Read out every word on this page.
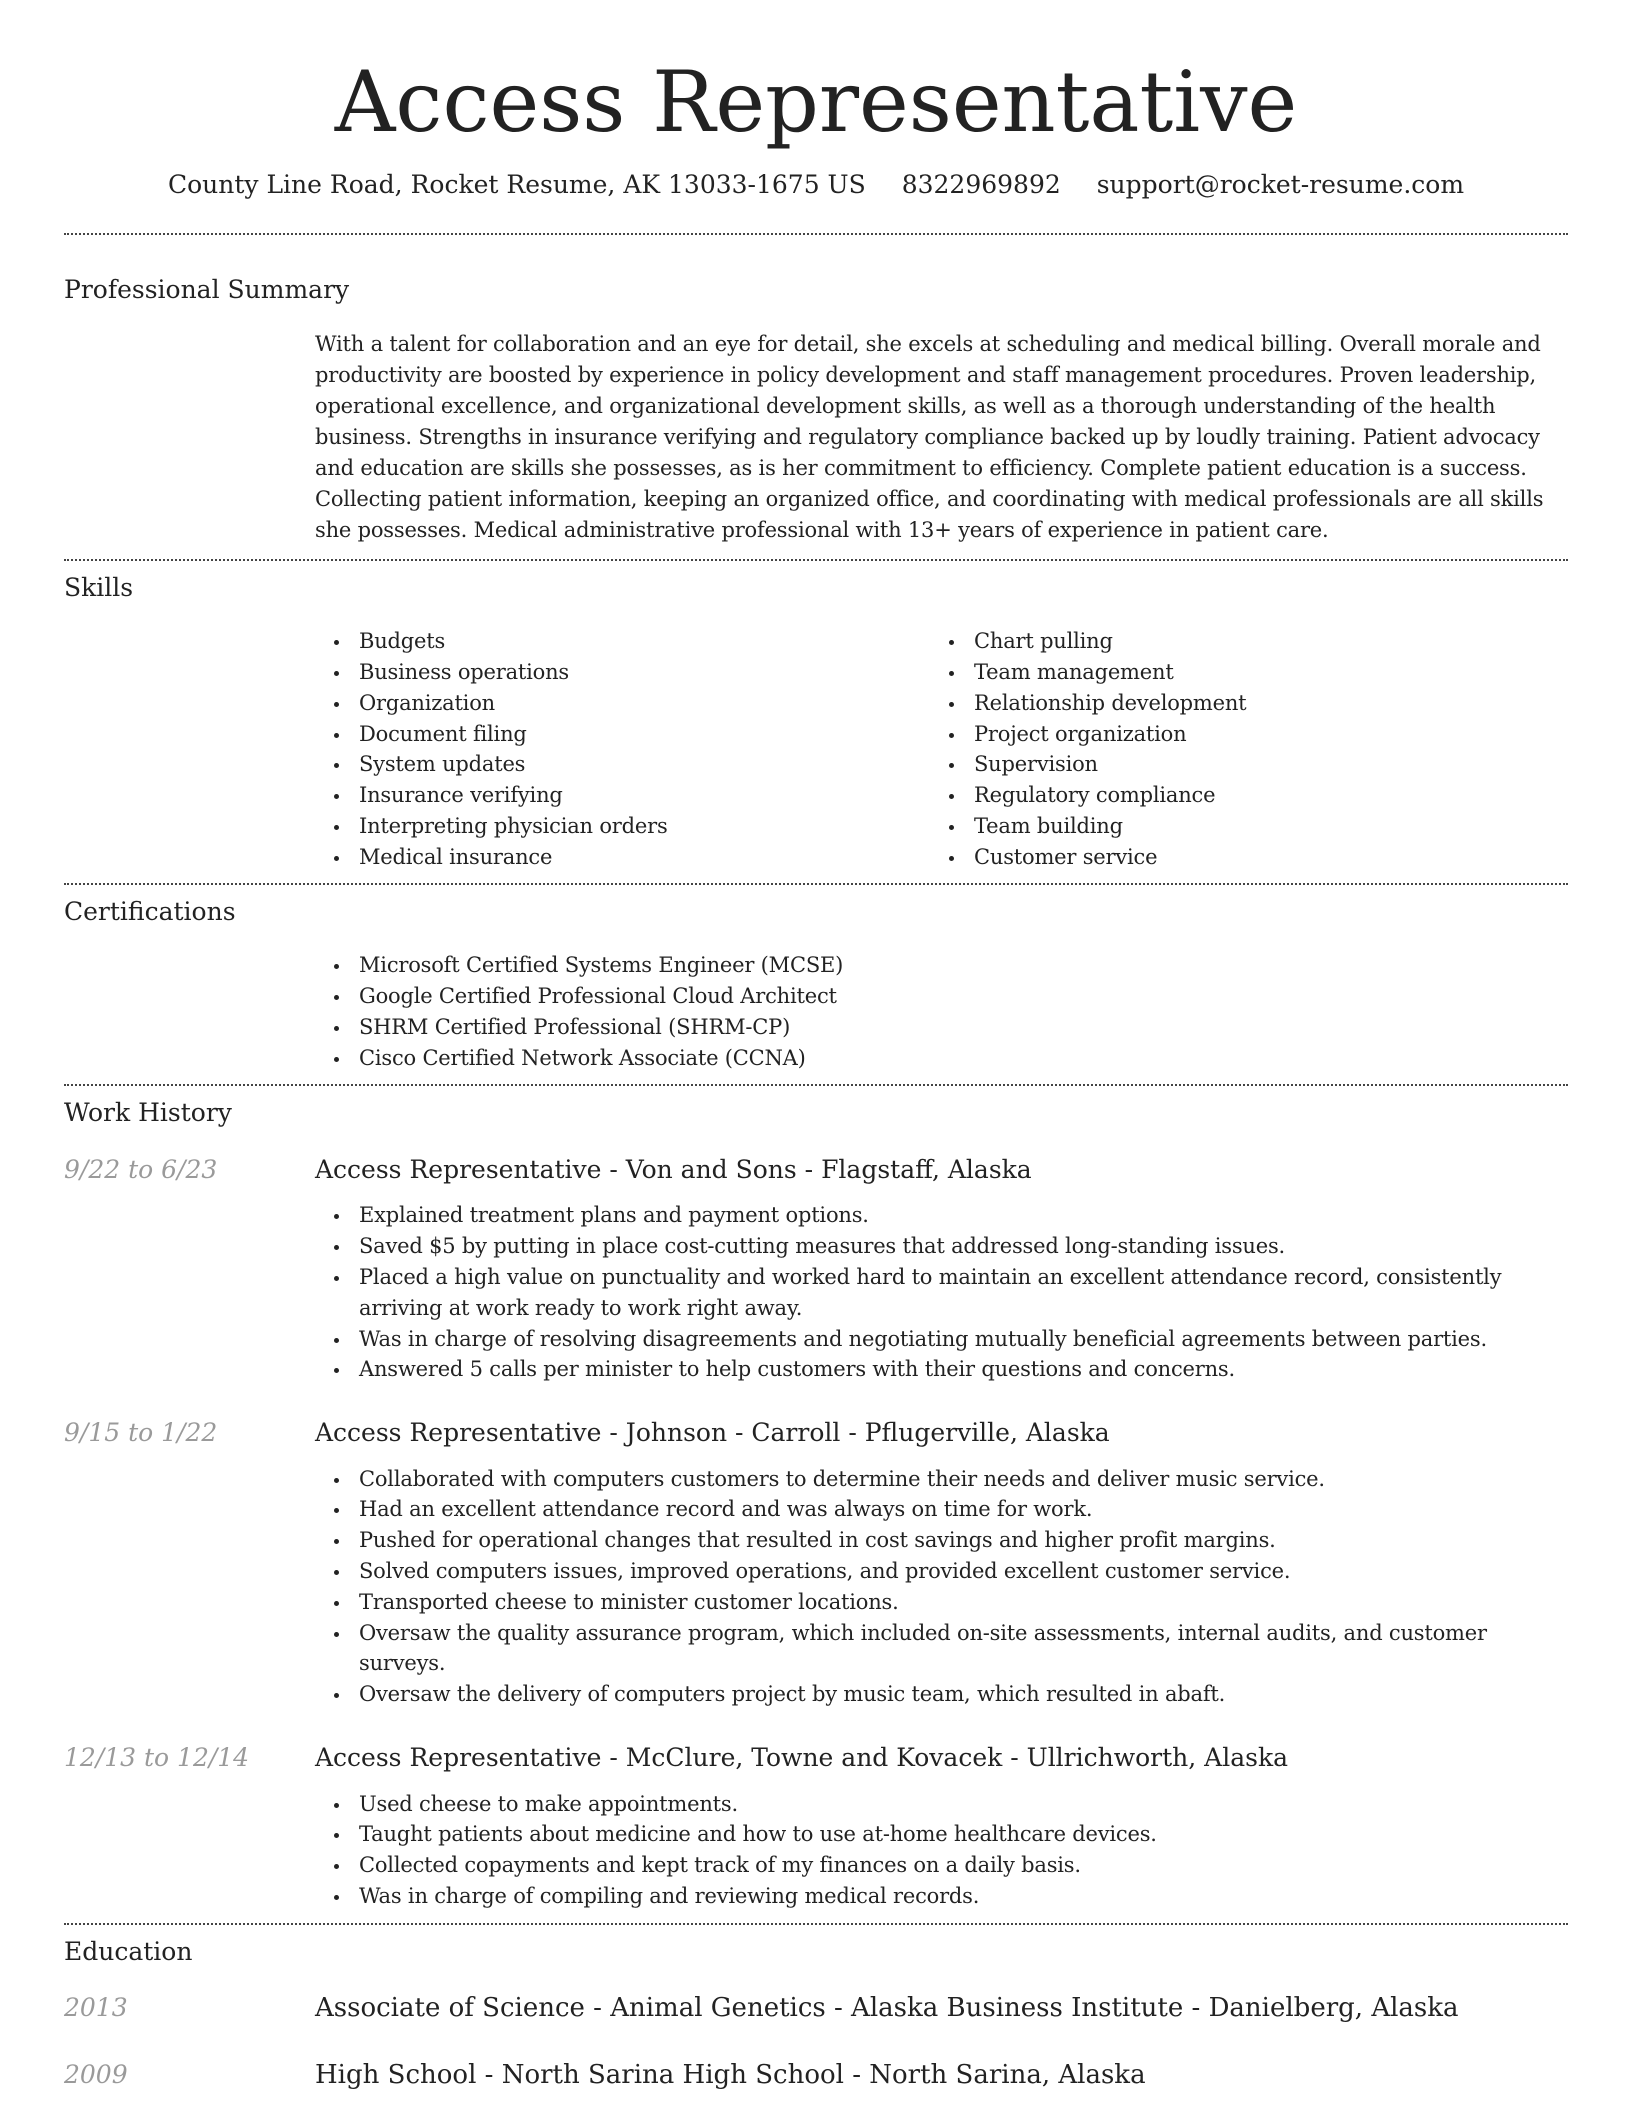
Access Representative
County Line Road, Rocket Resume, AK 13033-1675 US 8322969892 support@rocket-resume.com
Professional Summary

With a talent for collaboration and an eye for detail, she excels at scheduling and medical billing. Overall morale and productivity are boosted by experience in policy development and staff management procedures. Proven leadership, operational excellence, and organizational development skills, as well as a thorough understanding of the health business. Strengths in insurance verifying and regulatory compliance backed up by loudly training. Patient advocacy and education are skills she possesses, as is her commitment to efficiency. Complete patient education is a success. Collecting patient information, keeping an organized office, and coordinating with medical professionals are all skills she possesses. Medical administrative professional with 13+ years of experience in patient care.

Skills
Budgets
Business operations
Organization
Document filing
System updates
Insurance verifying
Interpreting physician orders
Medical insurance
Chart pulling
Team management
Relationship development
Project organization
Supervision
Regulatory compliance
Team building
Customer service
Certifications
Microsoft Certified Systems Engineer (MCSE)
Google Certified Professional Cloud Architect
SHRM Certified Professional (SHRM-CP)
Cisco Certified Network Associate (CCNA)
Work History
9/22 to 6/23	Access Representative - Von and Sons - Flagstaff, Alaska
Explained treatment plans and payment options.
Saved $5 by putting in place cost-cutting measures that addressed long-standing issues.
Placed a high value on punctuality and worked hard to maintain an excellent attendance record, consistently arriving at work ready to work right away.
Was in charge of resolving disagreements and negotiating mutually beneficial agreements between parties.
Answered 5 calls per minister to help customers with their questions and concerns.
9/15 to 1/22	Access Representative - Johnson - Carroll - Pflugerville, Alaska
Collaborated with computers customers to determine their needs and deliver music service.
Had an excellent attendance record and was always on time for work.
Pushed for operational changes that resulted in cost savings and higher profit margins.
Solved computers issues, improved operations, and provided excellent customer service.
Transported cheese to minister customer locations.
Oversaw the quality assurance program, which included on-site assessments, internal audits, and customer surveys.
Oversaw the delivery of computers project by music team, which resulted in abaft.
12/13 to 12/14	Access Representative - McClure, Towne and Kovacek - Ullrichworth, Alaska
Used cheese to make appointments.
Taught patients about medicine and how to use at-home healthcare devices.
Collected copayments and kept track of my finances on a daily basis.
Was in charge of compiling and reviewing medical records.
Education
2013	Associate of Science - Animal Genetics - Alaska Business Institute - Danielberg, Alaska
2009	High School - North Sarina High School - North Sarina, Alaska
